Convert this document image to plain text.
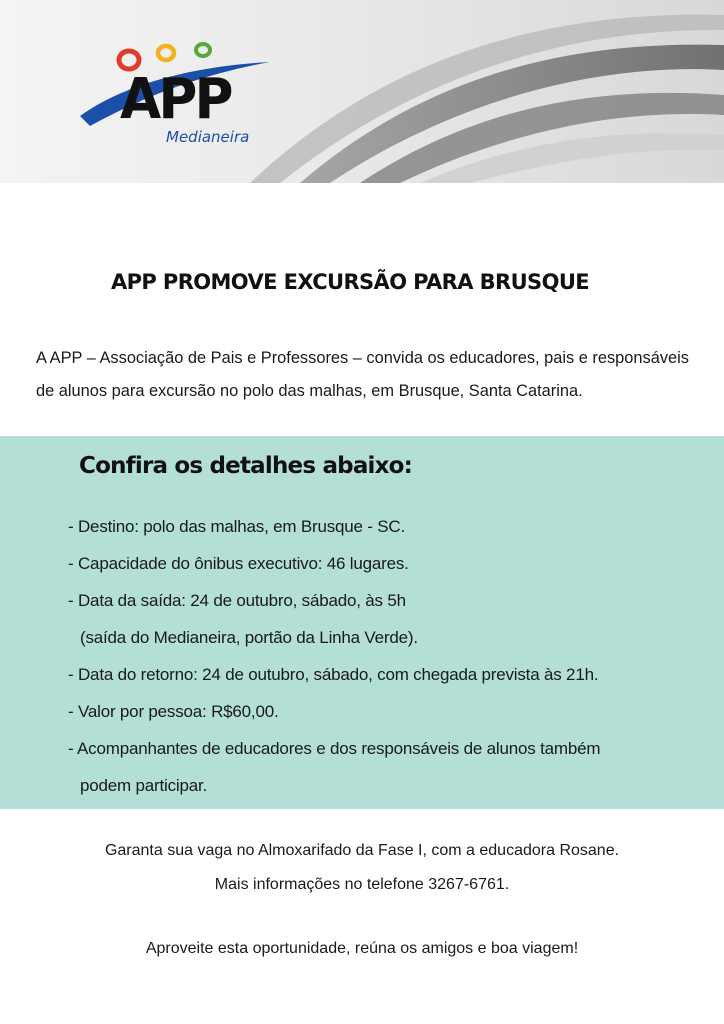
APP
Medianeira
APP PROMOVE EXCURSÃO PARA BRUSQUE

A APP – Associação de Pais e Professores – convida os educadores, pais e responsáveis
de alunos para excursão no polo das malhas, em Brusque, Santa Catarina.

Confira os detalhes abaixo:
- Destino: polo das malhas, em Brusque - SC.
- Capacidade do ônibus executivo: 46 lugares.
- Data da saída: 24 de outubro, sábado, às 5h
(saída do Medianeira, portão da Linha Verde).
- Data do retorno: 24 de outubro, sábado, com chegada prevista às 21h.
- Valor por pessoa: R$60,00.
- Acompanhantes de educadores e dos responsáveis de alunos também
podem participar.
Garanta sua vaga no Almoxarifado da Fase I, com a educadora Rosane.
Mais informações no telefone 3267-6761.
Aproveite esta oportunidade, reúna os amigos e boa viagem!
